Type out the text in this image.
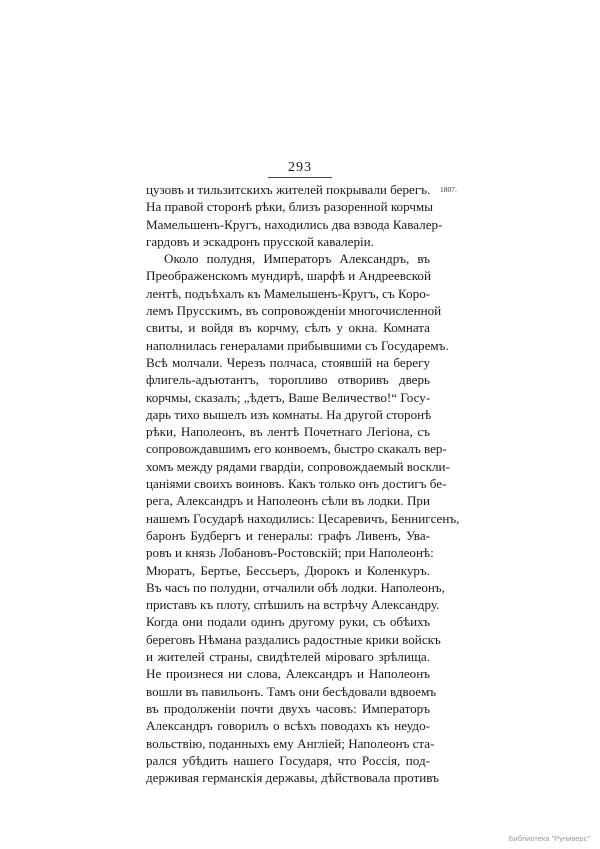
293
1807.
цузовъ и тильзитскихъ жителей покрывали берегъ.
На правой сторонѣ рѣки, близъ разоренной корчмы
Мамельшенъ-Кругъ, находились два взвода Кавалер-
гардовъ и эскадронъ прусской кавалеріи.
Около полудня, Императоръ Александръ, въ
Преображенскомъ мундирѣ, шарфѣ и Андреевской
лентѣ, подъѣхалъ къ Мамельшенъ-Кругъ, съ Коро-
лемъ Прусскимъ, въ сопровожденіи многочисленной
свиты, и войдя въ корчму, сѣлъ у окна. Комната
наполнилась генералами прибывшими съ Государемъ.
Всѣ молчали. Черезъ полчаса, стоявшій на берегу
флигель-адъютантъ, торопливо отворивъ дверь
корчмы, сказалъ; „ѣдетъ, Ваше Величество!“ Госу-
дарь тихо вышелъ изъ комнаты. На другой сторонѣ
рѣки, Наполеонъ, въ лентѣ Почетнаго Легіона, съ
сопровождавшимъ его конвоемъ, быстро скакалъ вер-
хомъ между рядами гвардіи, сопровождаемый воскли-
цаніями своихъ воиновъ. Какъ только онъ достигъ бе-
рега, Александръ и Наполеонъ сѣли въ лодки. При
нашемъ Государѣ находились: Цесаревичъ, Беннигсенъ,
баронъ Будбергъ и генералы: графъ Ливенъ, Ува-
ровъ и князь Лобановъ-Ростовскій; при Наполеонѣ:
Мюратъ, Бертье, Бессьеръ, Дюрокъ и Коленкуръ.
Въ часъ по полудни, отчалили обѣ лодки. Наполеонъ,
приставъ къ плоту, спѣшилъ на встрѣчу Александру.
Когда они подали одинъ другому руки, съ обѣихъ
береговъ Нѣмана раздались радостные крики войскъ
и жителей страны, свидѣтелей міроваго зрѣлища.
Не произнеся ни слова, Александръ и Наполеонъ
вошли въ павильонъ. Тамъ они бесѣдовали вдвоемъ
въ продолженіи почти двухъ часовъ: Императоръ
Александръ говорилъ о всѣхъ поводахъ къ неудо-
вольствію, поданныхъ ему Англіей; Наполеонъ ста-
рался убѣдить нашего Государя, что Россія, под-
держивая германскія державы, дѣйствовала противъ
Библиотека "Руниверс"
